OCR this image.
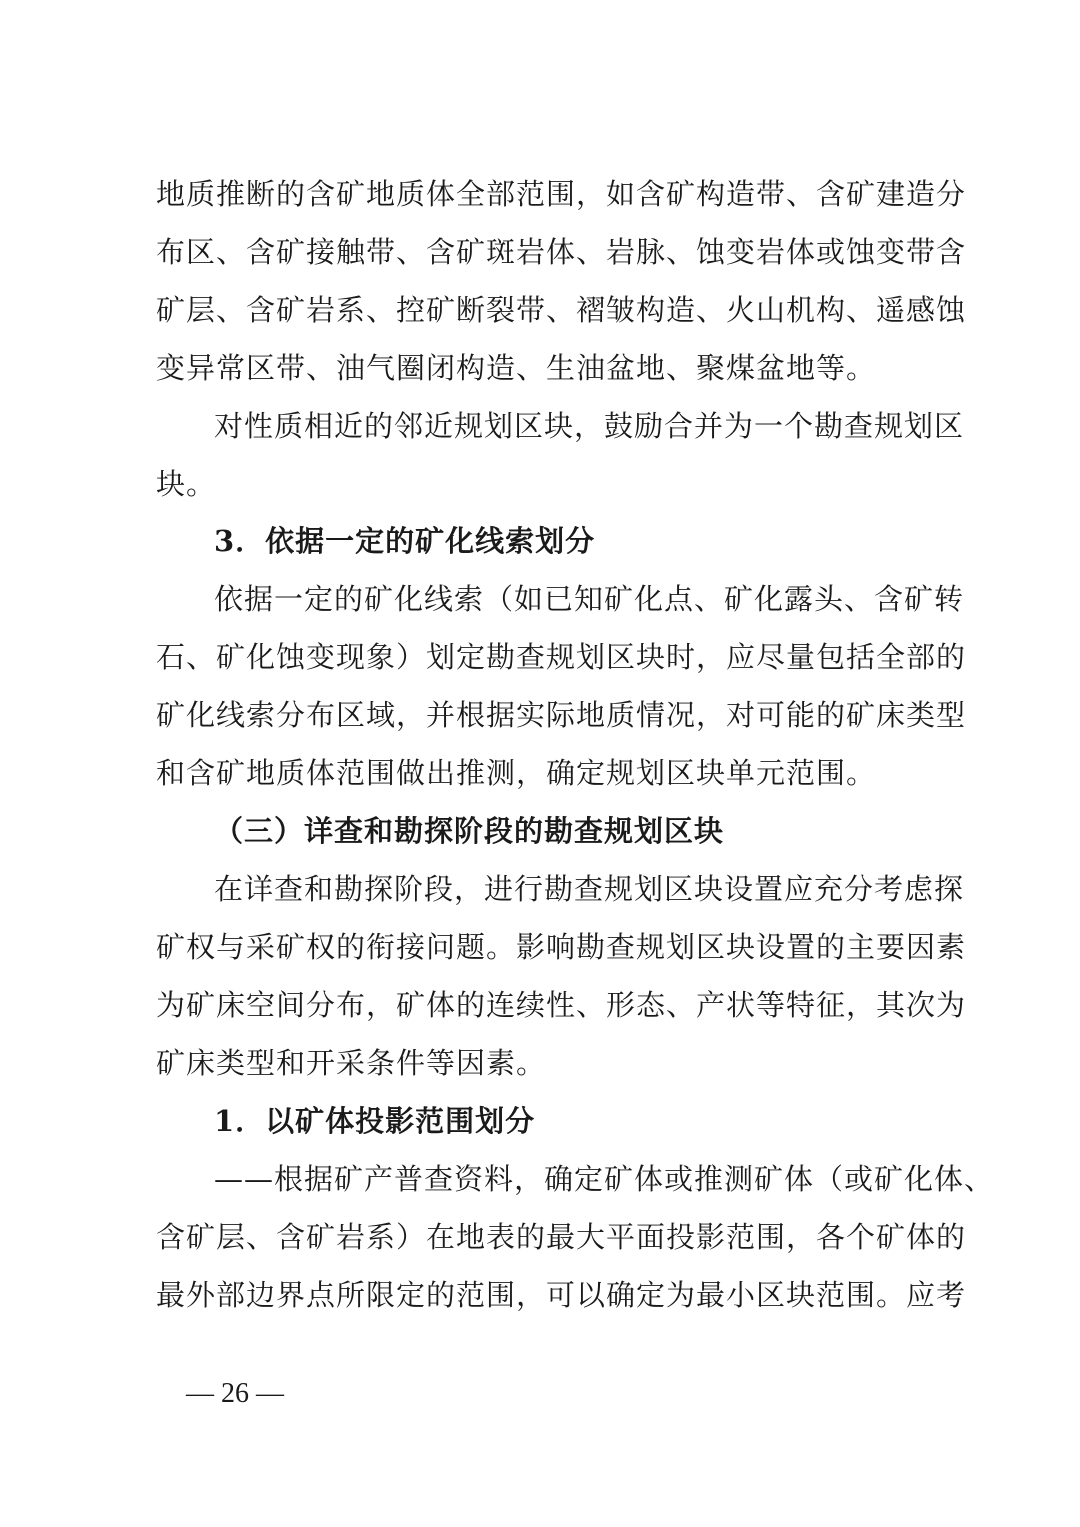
地质推断的含矿地质体全部范围，如含矿构造带、含矿建造分
布区、含矿接触带、含矿斑岩体、岩脉、蚀变岩体或蚀变带含
矿层、含矿岩系、控矿断裂带、褶皱构造、火山机构、遥感蚀
变异常区带、油气圈闭构造、生油盆地、聚煤盆地等。
对性质相近的邻近规划区块，鼓励合并为一个勘查规划区
块。
3．依据一定的矿化线索划分
依据一定的矿化线索（如已知矿化点、矿化露头、含矿转
石、矿化蚀变现象）划定勘查规划区块时，应尽量包括全部的
矿化线索分布区域，并根据实际地质情况，对可能的矿床类型
和含矿地质体范围做出推测，确定规划区块单元范围。
（三）详查和勘探阶段的勘查规划区块
在详查和勘探阶段，进行勘查规划区块设置应充分考虑探
矿权与采矿权的衔接问题。影响勘查规划区块设置的主要因素
为矿床空间分布，矿体的连续性、形态、产状等特征，其次为
矿床类型和开采条件等因素。
1．以矿体投影范围划分
——根据矿产普查资料，确定矿体或推测矿体（或矿化体、
含矿层、含矿岩系）在地表的最大平面投影范围，各个矿体的
最外部边界点所限定的范围，可以确定为最小区块范围。应考
— 26 —
